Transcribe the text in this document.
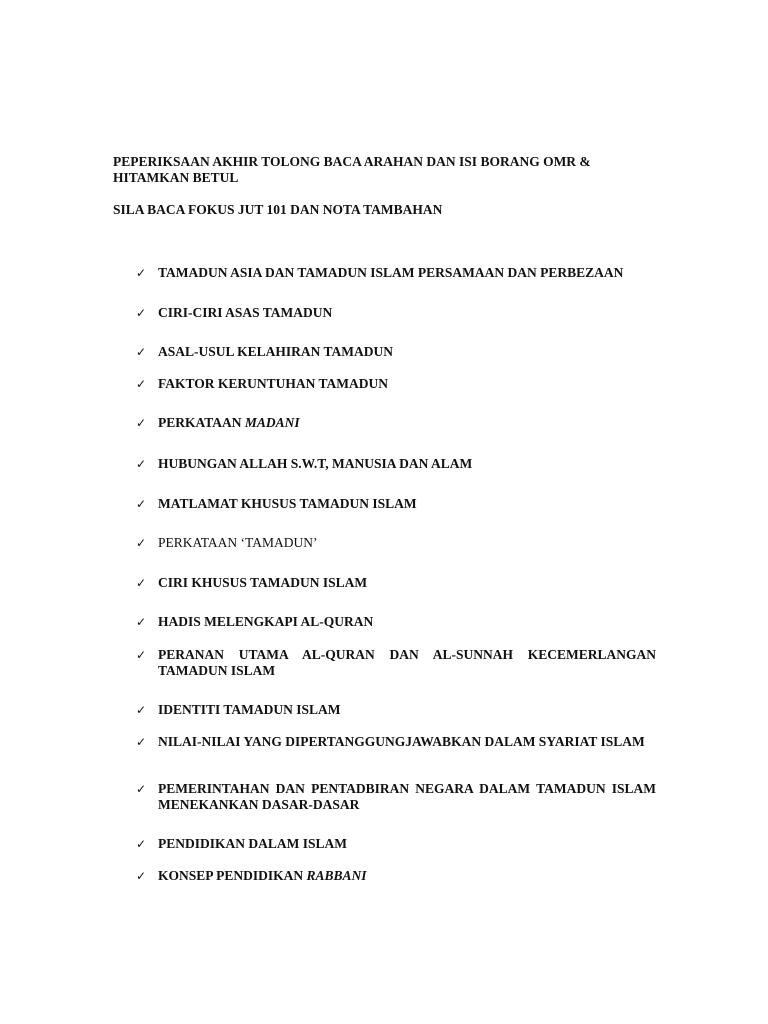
PEPERIKSAAN AKHIR TOLONG BACA ARAHAN DAN ISI BORANG OMR &
HITAMKAN BETUL

SILA BACA FOKUS JUT 101 DAN NOTA TAMBAHAN

✓ TAMADUN ASIA DAN TAMADUN ISLAM PERSAMAAN DAN PERBEZAAN
✓ CIRI-CIRI ASAS TAMADUN
✓ ASAL-USUL KELAHIRAN TAMADUN
✓ FAKTOR KERUNTUHAN TAMADUN
✓ PERKATAAN MADANI
✓ HUBUNGAN ALLAH S.W.T, MANUSIA DAN ALAM
✓ MATLAMAT KHUSUS TAMADUN ISLAM
✓ PERKATAAN ‘TAMADUN’
✓ CIRI KHUSUS TAMADUN ISLAM
✓ HADIS MELENGKAPI AL-QURAN
✓ PERANAN UTAMA AL-QURAN DAN AL-SUNNAH KECEMERLANGAN TAMADUN ISLAM
✓ IDENTITI TAMADUN ISLAM
✓ NILAI-NILAI YANG DIPERTANGGUNGJAWABKAN DALAM SYARIAT ISLAM
✓ PEMERINTAHAN DAN PENTADBIRAN NEGARA DALAM TAMADUN ISLAM MENEKANKAN DASAR-DASAR
✓ PENDIDIKAN DALAM ISLAM
✓ KONSEP PENDIDIKAN RABBANI
